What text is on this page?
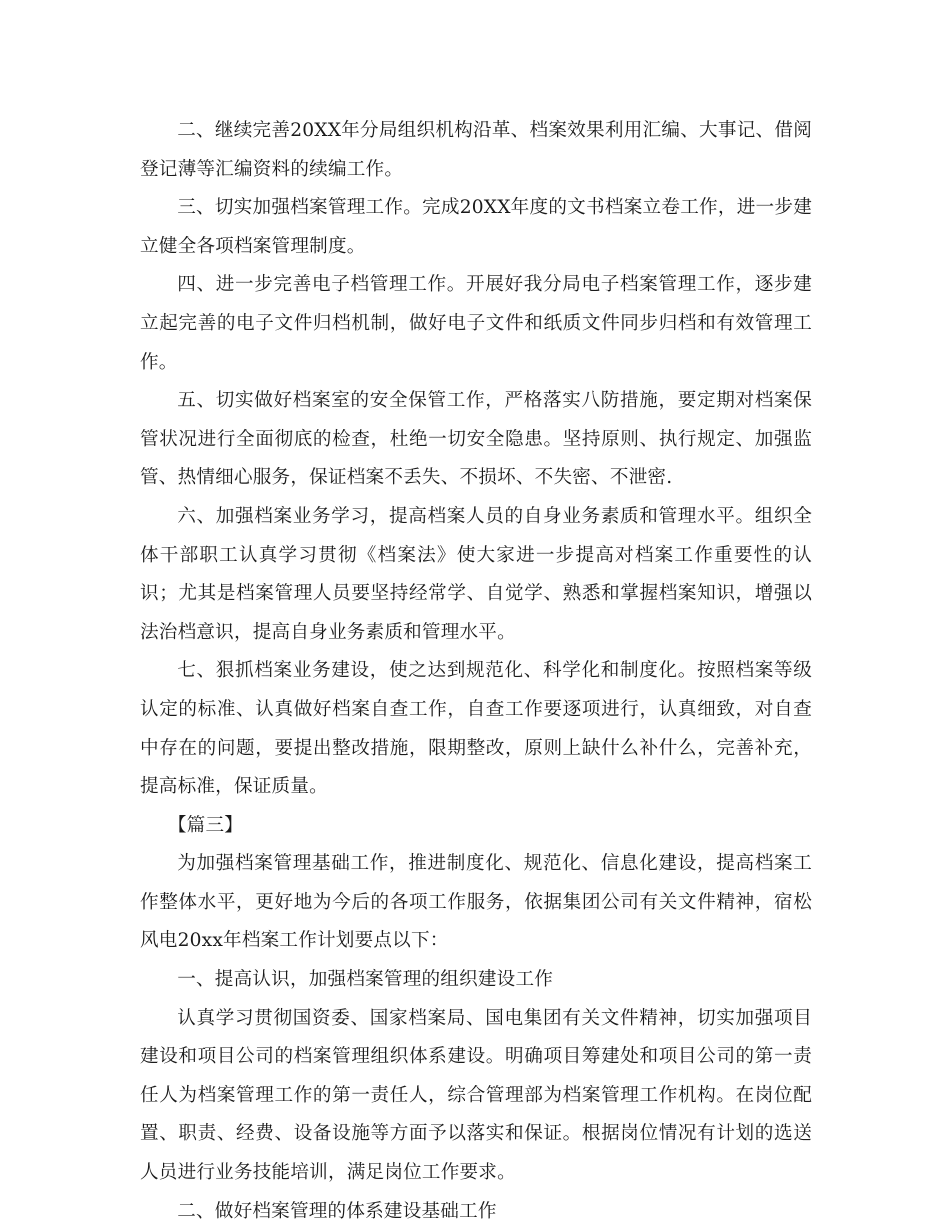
二、继续完善20XX年分局组织机构沿革、档案效果利用汇编、大事记、借阅登记薄等汇编资料的续编工作。

三、切实加强档案管理工作。完成20XX年度的文书档案立卷工作，进一步建立健全各项档案管理制度。

四、进一步完善电子档管理工作。开展好我分局电子档案管理工作，逐步建立起完善的电子文件归档机制，做好电子文件和纸质文件同步归档和有效管理工作。

五、切实做好档案室的安全保管工作，严格落实八防措施，要定期对档案保管状况进行全面彻底的检查，杜绝一切安全隐患。坚持原则、执行规定、加强监管、热情细心服务，保证档案不丢失、不损坏、不失密、不泄密.

六、加强档案业务学习，提高档案人员的自身业务素质和管理水平。组织全体干部职工认真学习贯彻《档案法》使大家进一步提高对档案工作重要性的认识；尤其是档案管理人员要坚持经常学、自觉学、熟悉和掌握档案知识，增强以法治档意识，提高自身业务素质和管理水平。

七、狠抓档案业务建设，使之达到规范化、科学化和制度化。按照档案等级认定的标准、认真做好档案自查工作，自查工作要逐项进行，认真细致，对自查中存在的问题，要提出整改措施，限期整改，原则上缺什么补什么，完善补充，提高标准，保证质量。

【篇三】

为加强档案管理基础工作，推进制度化、规范化、信息化建设，提高档案工作整体水平，更好地为今后的各项工作服务，依据集团公司有关文件精神，宿松风电20xx年档案工作计划要点以下：

一、提高认识，加强档案管理的组织建设工作

认真学习贯彻国资委、国家档案局、国电集团有关文件精神，切实加强项目建设和项目公司的档案管理组织体系建设。明确项目筹建处和项目公司的第一责任人为档案管理工作的第一责任人，综合管理部为档案管理工作机构。在岗位配置、职责、经费、设备设施等方面予以落实和保证。根据岗位情况有计划的选送人员进行业务技能培训，满足岗位工作要求。

二、做好档案管理的体系建设基础工作
